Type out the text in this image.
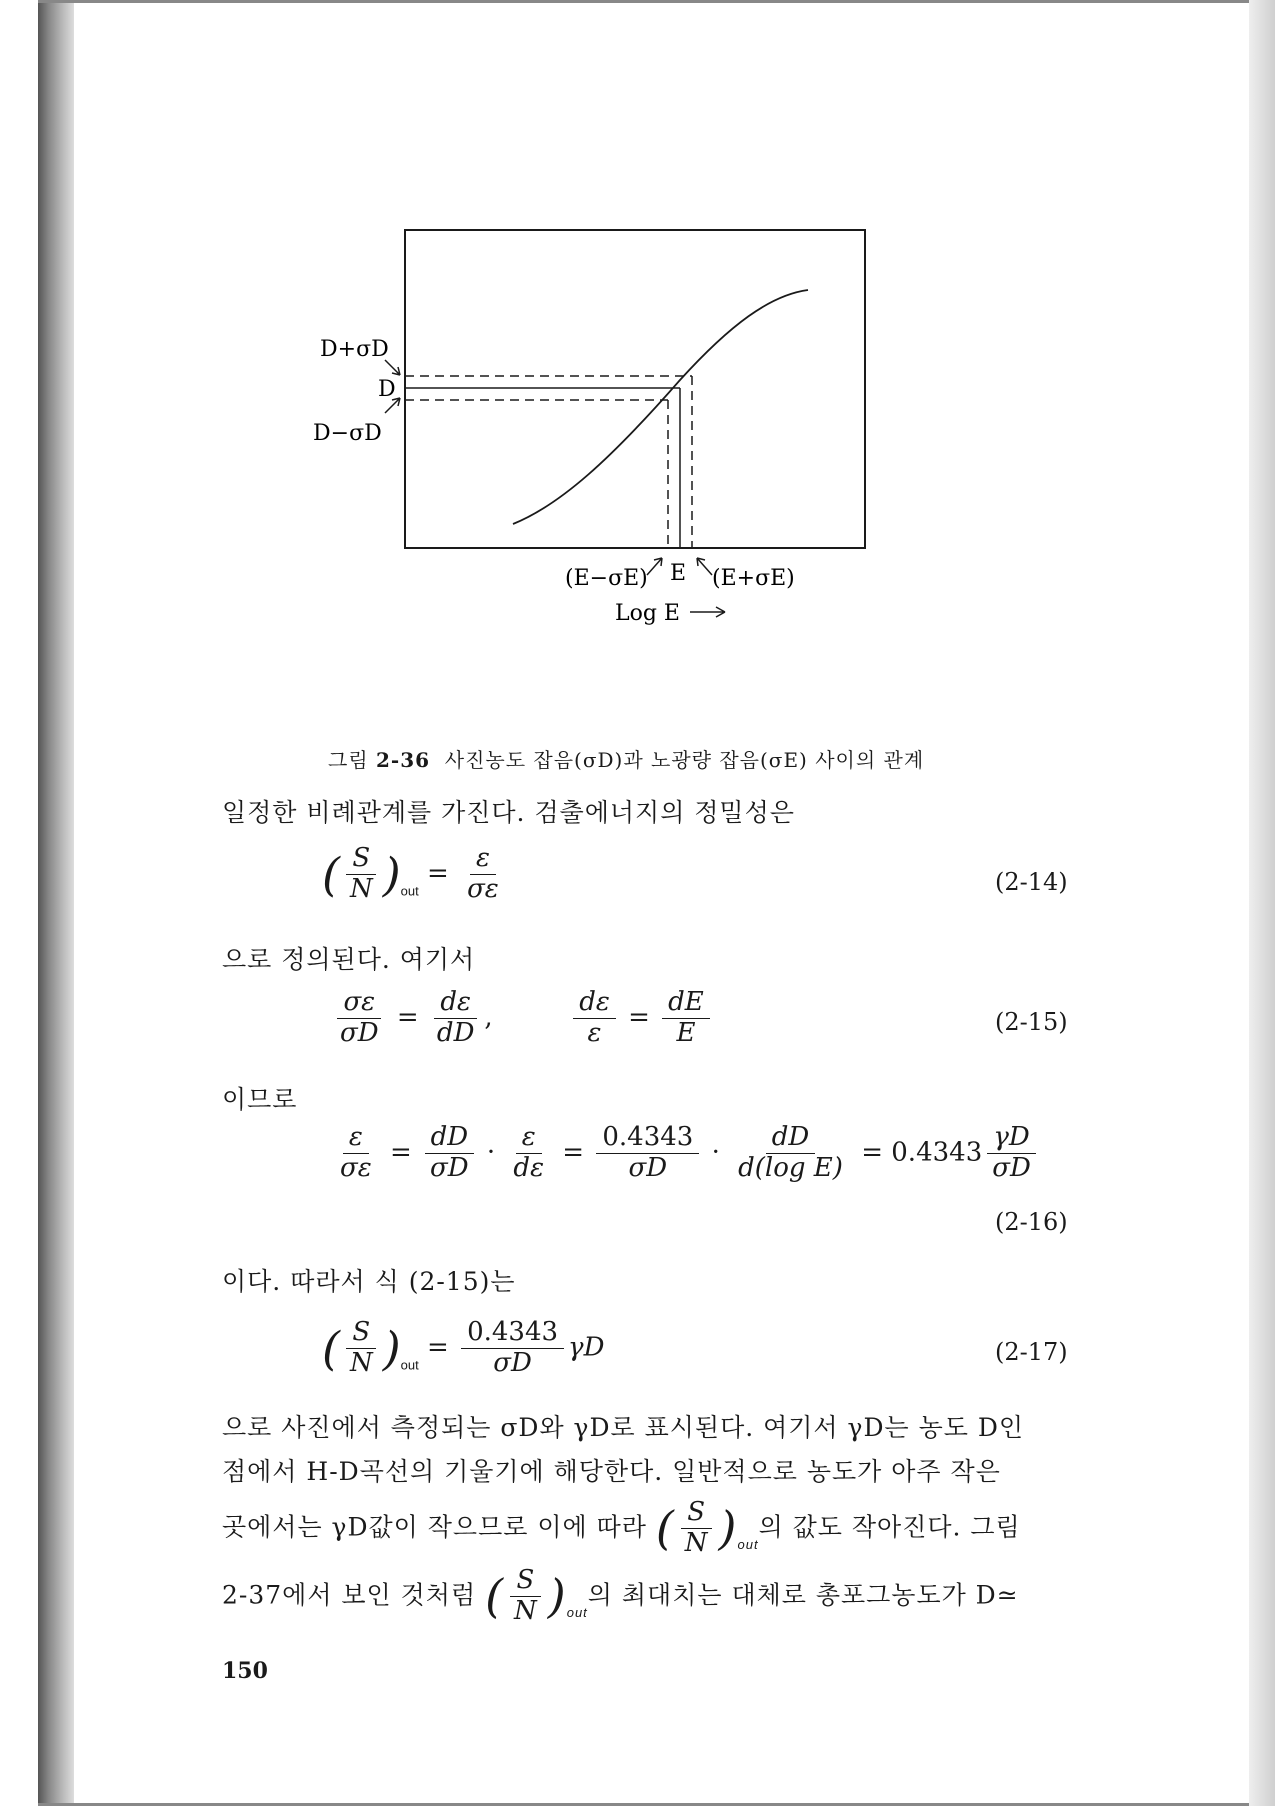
D+σD
D
D−σD
(E−σE) E (E+σE)
Log E
그림 2-36 사진농도 잡음(σD)과 노광량 잡음(σE) 사이의 관계
일정한 비례관계를 가진다. 검출에너지의 정밀성은
( $\frac{S}{N} )_{out} = \frac{\varepsilon}{\sigma\varepsilon}$	(2-14)
으로 정의된다. 여기서
$\frac{\sigma\varepsilon}{\sigma D} = \frac{d\varepsilon}{dD}$ ,	$\frac{d\varepsilon}{\varepsilon} = \frac{dE}{E}$	(2-15)
이므로
$\frac{\varepsilon}{\sigma\varepsilon} = \frac{dD}{\sigma D} \cdot \frac{\varepsilon}{d\varepsilon} = \frac{0.4343}{\sigma D} \cdot \frac{dD}{\text{d(log E)}} = 0.4343 \frac{\gamma D}{\sigma D}$
(2-16)
이다. 따라서 식 (2-15)는
( $\frac{S}{N} )_{out} = \frac{0.4343}{\sigma D}$ γD	(2-17)
으로 사진에서 측정되는 σD와 γD로 표시된다. 여기서 γD는 농도 D인
점에서 H-D곡선의 기울기에 해당한다. 일반적으로 농도가 아주 작은
곳에서는 γD값이 작으므로 이에 따라 ( $\frac{S}{N} )_{out}$의 값도 작아진다. 그림
2-37에서 보인 것처럼 ( $\frac{S}{N} )_{out}$의 최대치는 대체로 총포그농도가 D≃
150
